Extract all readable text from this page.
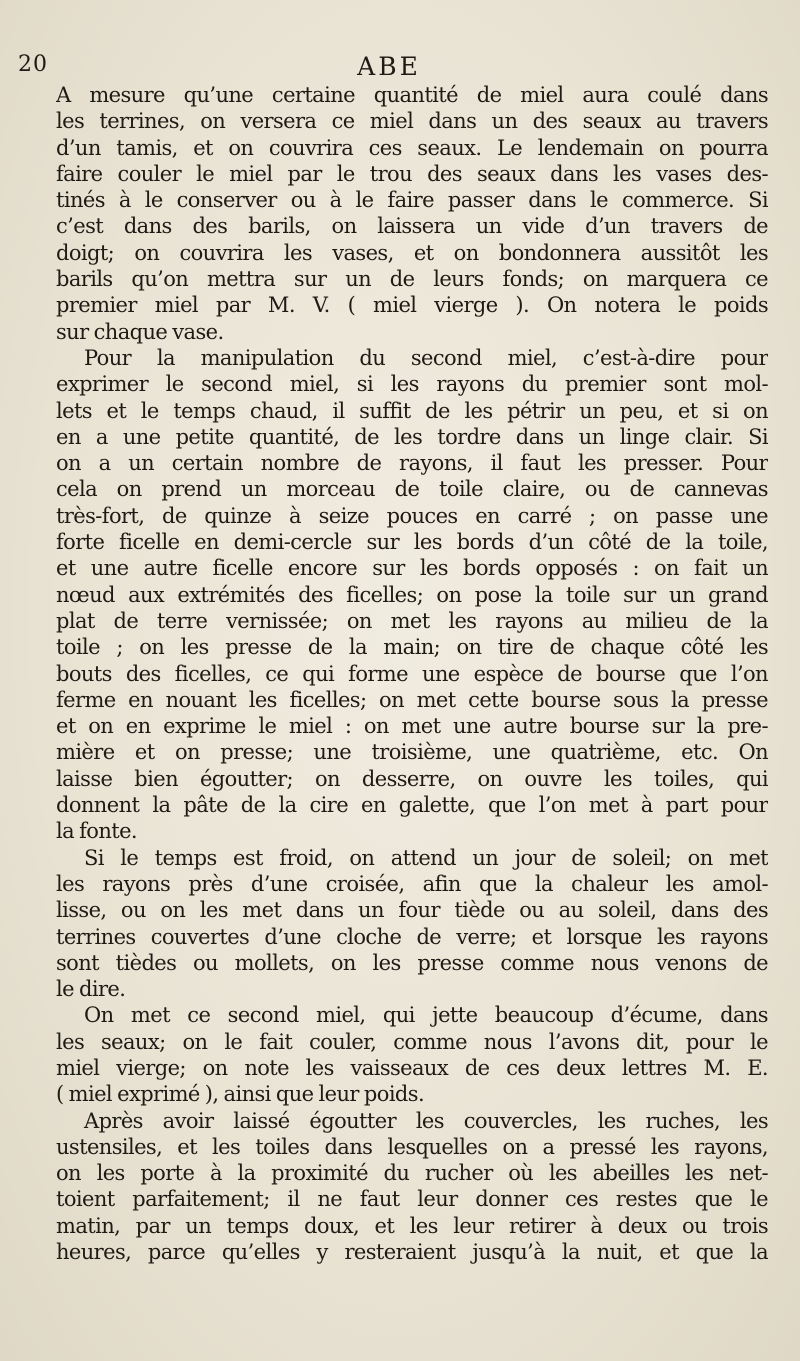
20	ABE
A mesure qu’une certaine quantité de miel aura coulé dans
les terrines, on versera ce miel dans un des seaux au travers
d’un tamis, et on couvrira ces seaux. Le lendemain on pourra
faire couler le miel par le trou des seaux dans les vases des-
tinés à le conserver ou à le faire passer dans le commerce. Si
c’est dans des barils, on laissera un vide d’un travers de
doigt; on couvrira les vases, et on bondonnera aussitôt les
barils qu’on mettra sur un de leurs fonds; on marquera ce
premier miel par M. V. ( miel vierge ). On notera le poids
sur chaque vase.
Pour la manipulation du second miel, c’est-à-dire pour
exprimer le second miel, si les rayons du premier sont mol-
lets et le temps chaud, il suffit de les pétrir un peu, et si on
en a une petite quantité, de les tordre dans un linge clair. Si
on a un certain nombre de rayons, il faut les presser. Pour
cela on prend un morceau de toile claire, ou de cannevas
très-fort, de quinze à seize pouces en carré ; on passe une
forte ficelle en demi-cercle sur les bords d’un côté de la toile,
et une autre ficelle encore sur les bords opposés : on fait un
nœud aux extrémités des ficelles; on pose la toile sur un grand
plat de terre vernissée; on met les rayons au milieu de la
toile ; on les presse de la main; on tire de chaque côté les
bouts des ficelles, ce qui forme une espèce de bourse que l’on
ferme en nouant les ficelles; on met cette bourse sous la presse
et on en exprime le miel : on met une autre bourse sur la pre-
mière et on presse; une troisième, une quatrième, etc. On
laisse bien égoutter; on desserre, on ouvre les toiles, qui
donnent la pâte de la cire en galette, que l’on met à part pour
la fonte.
Si le temps est froid, on attend un jour de soleil; on met
les rayons près d’une croisée, afin que la chaleur les amol-
lisse, ou on les met dans un four tiède ou au soleil, dans des
terrines couvertes d’une cloche de verre; et lorsque les rayons
sont tièdes ou mollets, on les presse comme nous venons de
le dire.
On met ce second miel, qui jette beaucoup d’écume, dans
les seaux; on le fait couler, comme nous l’avons dit, pour le
miel vierge; on note les vaisseaux de ces deux lettres M. E.
( miel exprimé ), ainsi que leur poids.
Après avoir laissé égoutter les couvercles, les ruches, les
ustensiles, et les toiles dans lesquelles on a pressé les rayons,
on les porte à la proximité du rucher où les abeilles les net-
toient parfaitement; il ne faut leur donner ces restes que le
matin, par un temps doux, et les leur retirer à deux ou trois
heures, parce qu’elles y resteraient jusqu’à la nuit, et que la
